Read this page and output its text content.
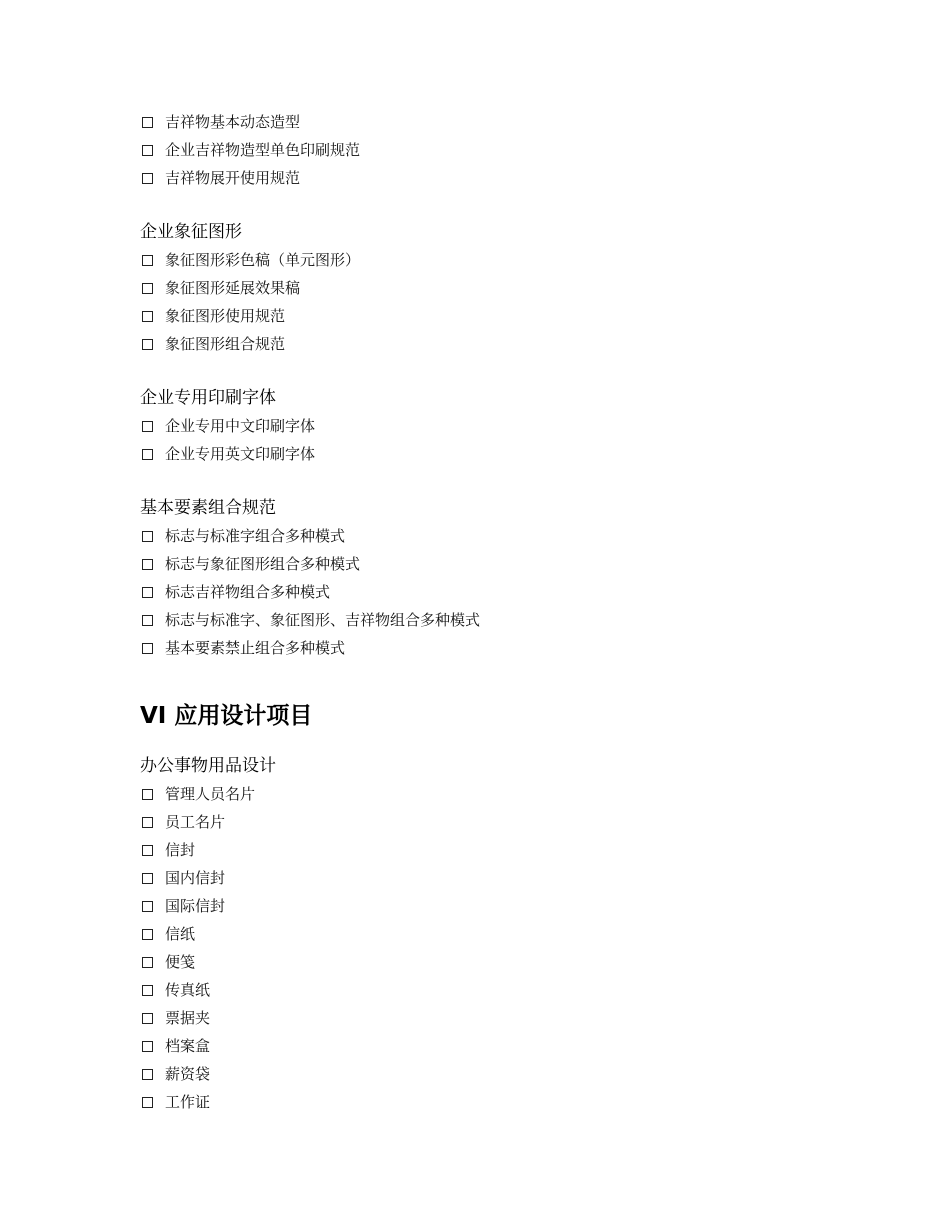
吉祥物基本动态造型
企业吉祥物造型单色印刷规范
吉祥物展开使用规范
企业象征图形
象征图形彩色稿（单元图形）
象征图形延展效果稿
象征图形使用规范
象征图形组合规范
企业专用印刷字体
企业专用中文印刷字体
企业专用英文印刷字体
基本要素组合规范
标志与标准字组合多种模式
标志与象征图形组合多种模式
标志吉祥物组合多种模式
标志与标准字、象征图形、吉祥物组合多种模式
基本要素禁止组合多种模式
VI 应用设计项目
办公事物用品设计
管理人员名片
员工名片
信封
国内信封
国际信封
信纸
便笺
传真纸
票据夹
档案盒
薪资袋
工作证
